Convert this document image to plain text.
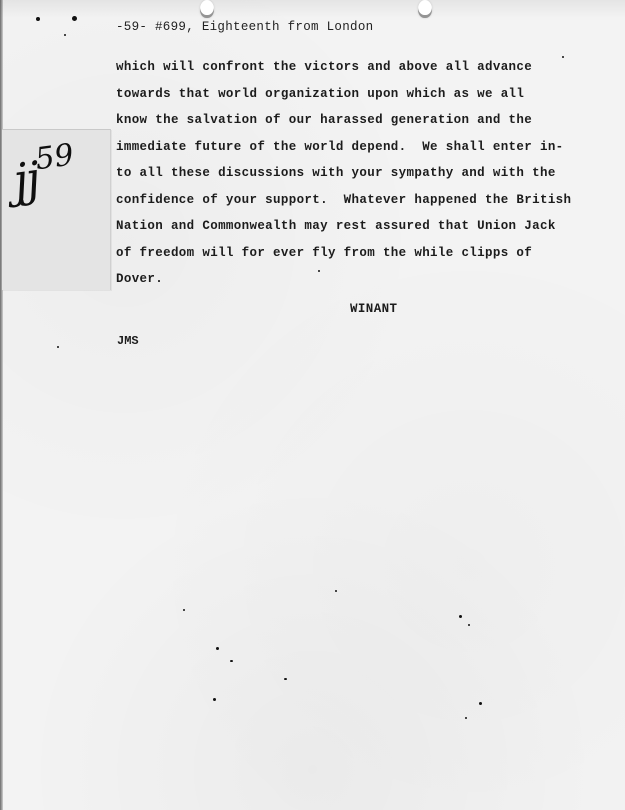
$jj^{59}$
-59- #699, Eighteenth from London
which will confront the victors and above all advance
towards that world organization upon which as we all
know the salvation of our harassed generation and the
immediate future of the world depend.  We shall enter in-
to all these discussions with your sympathy and with the
confidence of your support.  Whatever happened the British
Nation and Commonwealth may rest assured that Union Jack
of freedom will for ever fly from the while clipps of
Dover.
WINANT
JMS
